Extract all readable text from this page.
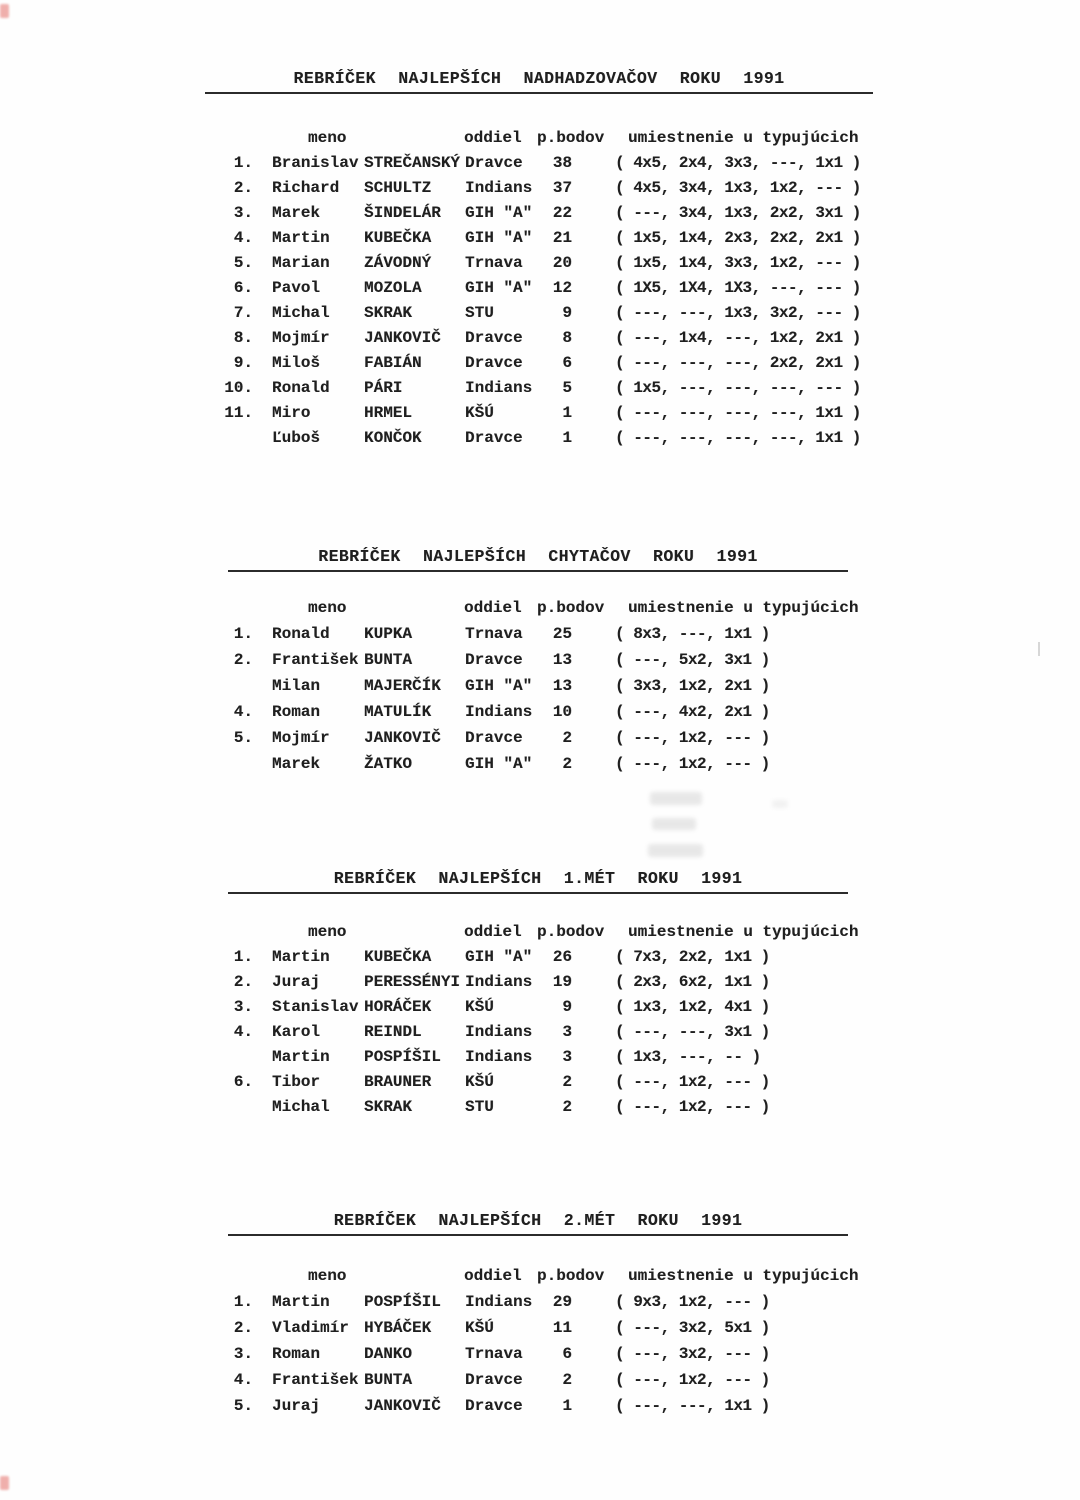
REBRÍČEK NAJLEPŠÍCH NADHADZOVAČOV ROKU 1991
meno	oddiel p.bodov umiestnenie u typujúcich
1. Branislav STREČANSKÝ Dravce	38	( 4x5, 2x4, 3x3, ---, 1x1 )
2. Richard SCHULTZ Indians	37	( 4x5, 3x4, 1x3, 1x2, --- )
3. Marek	ŠINDELÁR GIH "A"	22	( ---, 3x4, 1x3, 2x2, 3x1 )
4. Martin KUBEČKA GIH "A"	21	( 1x5, 1x4, 2x3, 2x2, 2x1 )
5. Marian ZÁVODNÝ Trnava	20	( 1x5, 1x4, 3x3, 1x2, --- )
6. Pavol	MOZOLA	GIH "A"	12	( 1X5, 1X4, 1X3, ---, --- )
7. Michal SKRAK	STU	9	( ---, ---, 1x3, 3x2, --- )
8. Mojmír JANKOVIČ Dravce	8	( ---, 1x4, ---, 1x2, 2x1 )
9. Miloš	FABIÁN	Dravce	6	( ---, ---, ---, 2x2, 2x1 )
10. Ronald PÁRI	Indians	5	( 1x5, ---, ---, ---, --- )
11. Miro	HRMEL	KŠÚ	1	( ---, ---, ---, ---, 1x1 )
Ľuboš	KONČOK	Dravce	1	( ---, ---, ---, ---, 1x1 )
REBRÍČEK NAJLEPŠÍCH CHYTAČOV ROKU 1991
meno	oddiel p.bodov umiestnenie u typujúcich
1. Ronald KUPKA	Trnava	25	( 8x3, ---, 1x1 )
2. František BUNTA	Dravce	13	( ---, 5x2, 3x1 )
Milan	MAJERČÍK GIH "A"	13	( 3x3, 1x2, 2x1 )
4. Roman	MATULÍK Indians	10	( ---, 4x2, 2x1 )
5. Mojmír JANKOVIČ Dravce	2	( ---, 1x2, --- )
Marek	ŽATKO	GIH "A"	2	( ---, 1x2, --- )
REBRÍČEK NAJLEPŠÍCH 1.MÉT ROKU 1991
meno	oddiel p.bodov umiestnenie u typujúcich
1. Martin KUBEČKA GIH "A"	26	( 7x3, 2x2, 1x1 )
2. Juraj	PERESSÉNYI Indians	19	( 2x3, 6x2, 1x1 )
3. Stanislav HORÁČEK KŠÚ	9	( 1x3, 1x2, 4x1 )
4. Karol	REINDL	Indians	3	( ---, ---, 3x1 )
Martin POSPÍŠIL Indians	3	( 1x3, ---, -- )
6. Tibor	BRAUNER KŠÚ	2	( ---, 1x2, --- )
Michal SKRAK	STU	2	( ---, 1x2, --- )
REBRÍČEK NAJLEPŠÍCH 2.MÉT ROKU 1991
meno	oddiel p.bodov umiestnenie u typujúcich
1. Martin POSPÍŠIL Indians	29	( 9x3, 1x2, --- )
2. Vladimír HYBÁČEK KŠÚ	11	( ---, 3x2, 5x1 )
3. Roman	DANKO	Trnava	6	( ---, 3x2, --- )
4. František BUNTA	Dravce	2	( ---, 1x2, --- )
5. Juraj	JANKOVIČ Dravce	1	( ---, ---, 1x1 )
